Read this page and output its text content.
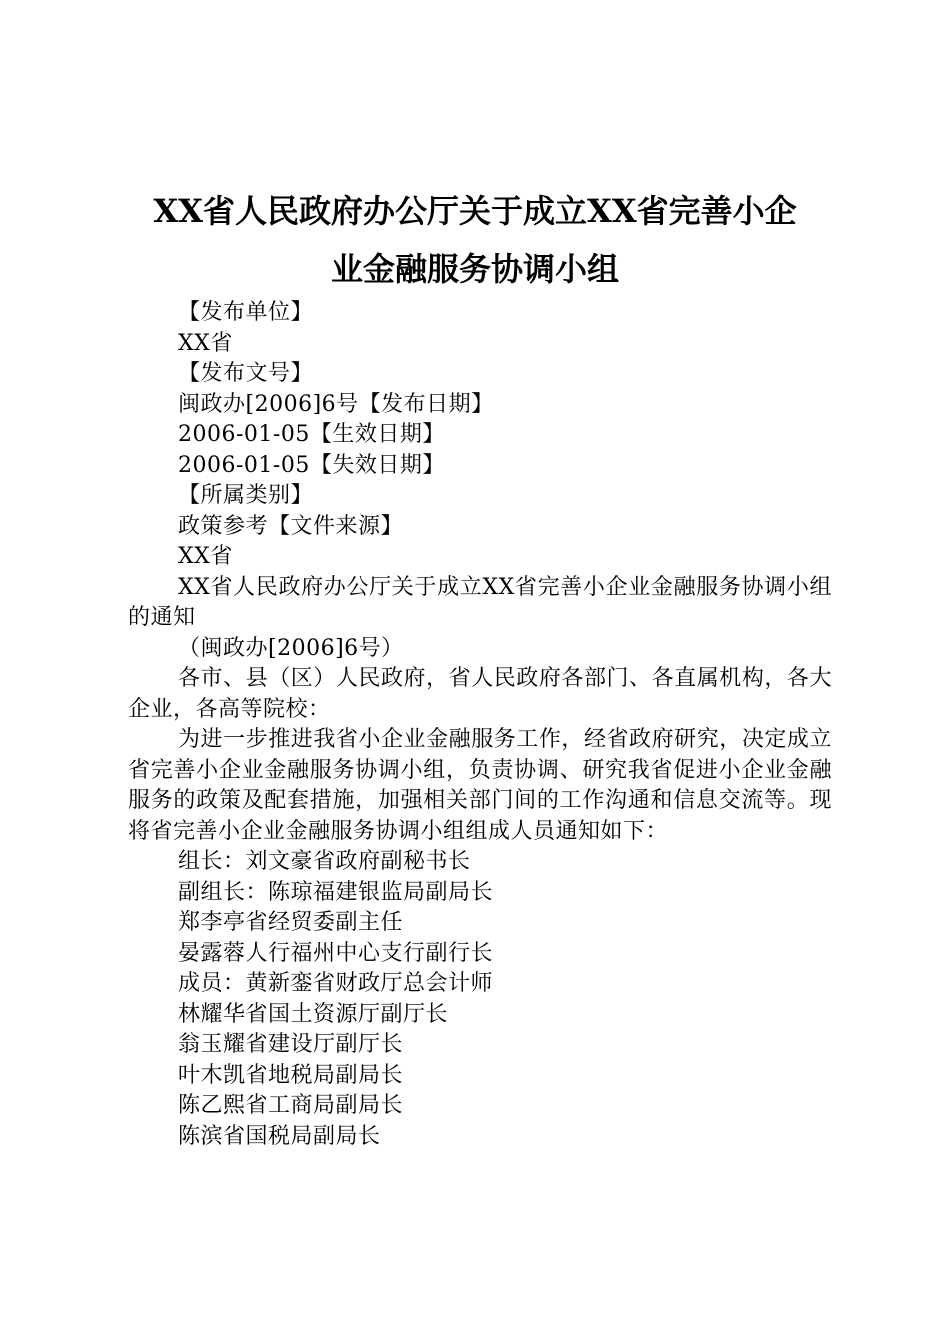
XX省人民政府办公厅关于成立XX省完善小企
业金融服务协调小组
【发布单位】
XX省
【发布文号】
闽政办[2006]6号【发布日期】
2006-01-05【生效日期】
2006-01-05【失效日期】
【所属类别】
政策参考【文件来源】
XX省
XX省人民政府办公厅关于成立XX省完善小企业金融服务协调小组的通知
（闽政办[2006]6号）
各市、县（区）人民政府，省人民政府各部门、各直属机构，各大企业，各高等院校：
为进一步推进我省小企业金融服务工作，经省政府研究，决定成立省完善小企业金融服务协调小组，负责协调、研究我省促进小企业金融服务的政策及配套措施，加强相关部门间的工作沟通和信息交流等。现将省完善小企业金融服务协调小组组成人员通知如下：
组长：刘文豪省政府副秘书长
副组长：陈琼福建银监局副局长
郑李亭省经贸委副主任
晏露蓉人行福州中心支行副行长
成员：黄新銮省财政厅总会计师
林耀华省国土资源厅副厅长
翁玉耀省建设厅副厅长
叶木凯省地税局副局长
陈乙熙省工商局副局长
陈滨省国税局副局长
